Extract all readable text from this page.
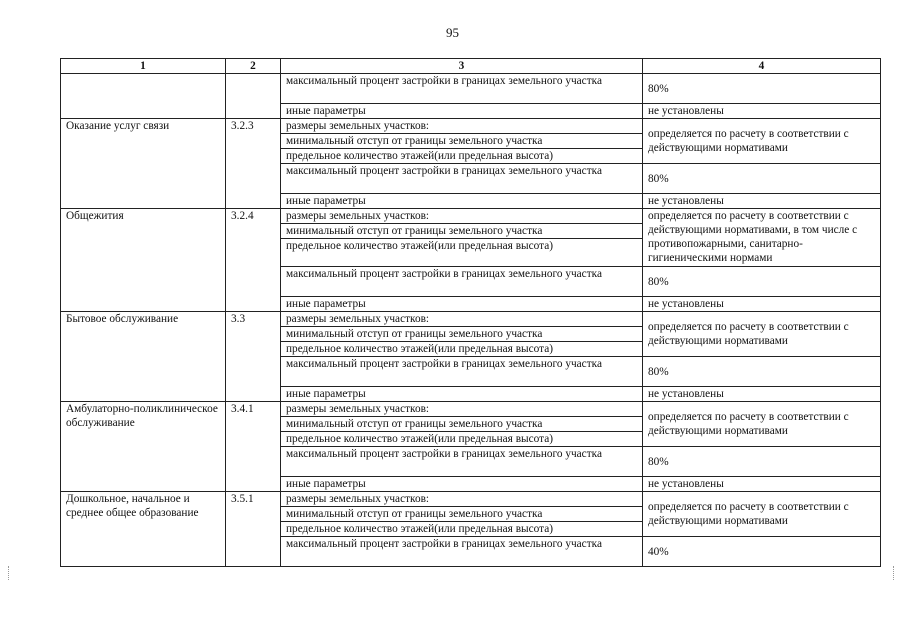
95
1	2	3	4
		максимальный процент застройки в границах земельного участка	80%
		иные параметры	не установлены
Оказание услуг связи	3.2.3	размеры земельных участков:	определяется по расчету в соответствии с действующими нормативами
		минимальный отступ от границы земельного участка	
		предельное количество этажей(или предельная высота)	
		максимальный процент застройки в границах земельного участка	80%
		иные параметры	не установлены
Общежития	3.2.4	размеры земельных участков:	определяется по расчету в соответствии с действующими нормативами, в том числе с противопожарными, санитарно-гигиеническими нормами
		минимальный отступ от границы земельного участка	
		предельное количество этажей(или предельная высота)	
		максимальный процент застройки в границах земельного участка	80%
		иные параметры	не установлены
Бытовое обслуживание	3.3	размеры земельных участков:	определяется по расчету в соответствии с действующими нормативами
		минимальный отступ от границы земельного участка	
		предельное количество этажей(или предельная высота)	
		максимальный процент застройки в границах земельного участка	80%
		иные параметры	не установлены
Амбулаторно-поликлиническое обслуживание	3.4.1	размеры земельных участков:	определяется по расчету в соответствии с действующими нормативами
		минимальный отступ от границы земельного участка	
		предельное количество этажей(или предельная высота)	
		максимальный процент застройки в границах земельного участка	80%
		иные параметры	не установлены
Дошкольное, начальное и среднее общее образование	3.5.1	размеры земельных участков:	определяется по расчету в соответствии с действующими нормативами
		минимальный отступ от границы земельного участка	
		предельное количество этажей(или предельная высота)	
		максимальный процент застройки в границах земельного участка	40%
